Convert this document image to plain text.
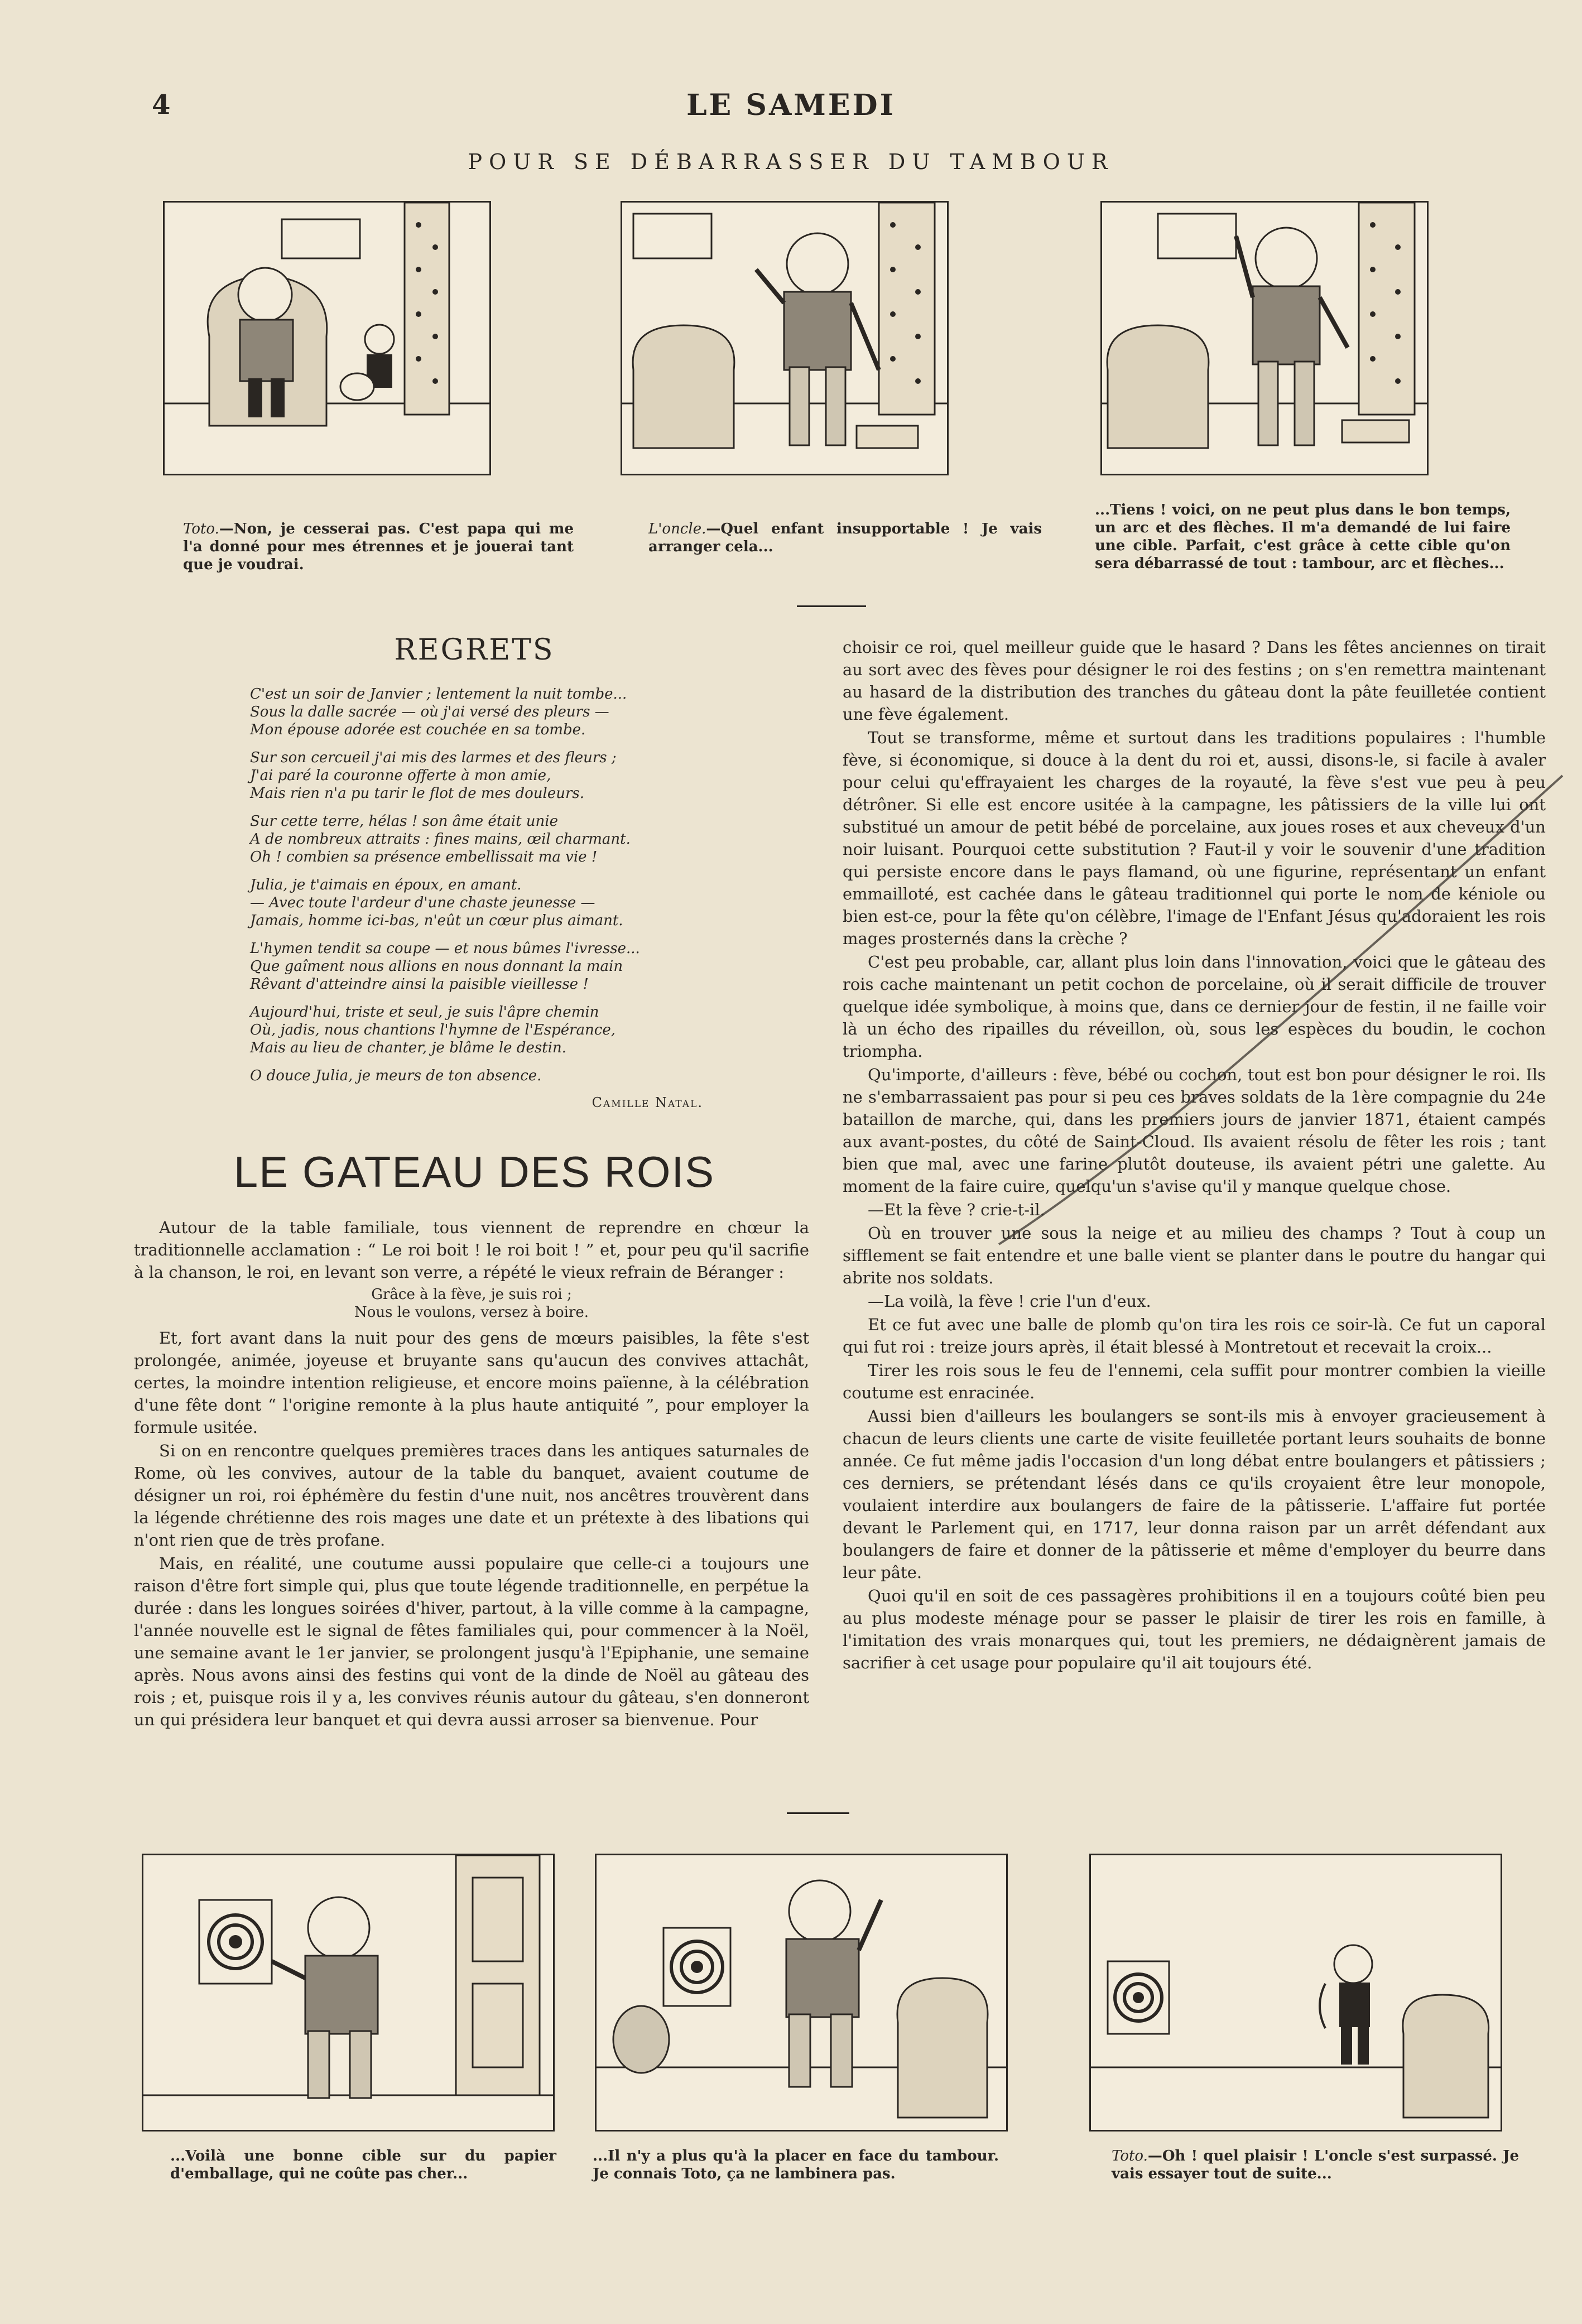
4	LE SAMEDI
POUR SE DÉBARRASSER DU TAMBOUR
Toto.—Non, je cesserai pas. C'est papa qui me l'a donné pour mes étrennes et je jouerai tant que je voudrai.
L'oncle.—Quel enfant insupportable ! Je vais arranger cela...
...Tiens ! voici, on ne peut plus dans le bon temps, un arc et des flèches. Il m'a demandé de lui faire une cible. Parfait, c'est grâce à cette cible qu'on sera débarrassé de tout : tambour, arc et flèches...
REGRETS
C'est un soir de Janvier ; lentement la nuit tombe...
Sous la dalle sacrée — où j'ai versé des pleurs —
Mon épouse adorée est couchée en sa tombe.
Sur son cercueil j'ai mis des larmes et des fleurs ;
J'ai paré la couronne offerte à mon amie,
Mais rien n'a pu tarir le flot de mes douleurs.
Sur cette terre, hélas ! son âme était unie
A de nombreux attraits : fines mains, œil charmant.
Oh ! combien sa présence embellissait ma vie !
Julia, je t'aimais en époux, en amant.
— Avec toute l'ardeur d'une chaste jeunesse —
Jamais, homme ici-bas, n'eût un cœur plus aimant.
L'hymen tendit sa coupe — et nous bûmes l'ivresse...
Que gaîment nous allions en nous donnant la main
Rêvant d'atteindre ainsi la paisible vieillesse !
Aujourd'hui, triste et seul, je suis l'âpre chemin
Où, jadis, nous chantions l'hymne de l'Espérance,
Mais au lieu de chanter, je blâme le destin.
O douce Julia, je meurs de ton absence.
Camille Natal.
LE GATEAU DES ROIS

Autour de la table familiale, tous viennent de reprendre en chœur la traditionnelle acclamation : “ Le roi boit ! le roi boit ! ” et, pour peu qu'il sacrifie à la chanson, le roi, en levant son verre, a répété le vieux refrain de Béranger :

Grâce à la fève, je suis roi ;
Nous le voulons, versez à boire.

Et, fort avant dans la nuit pour des gens de mœurs paisibles, la fête s'est prolongée, animée, joyeuse et bruyante sans qu'aucun des convives attachât, certes, la moindre intention religieuse, et encore moins païenne, à la célébration d'une fête dont “ l'origine remonte à la plus haute antiquité ”, pour employer la formule usitée.

Si on en rencontre quelques premières traces dans les antiques saturnales de Rome, où les convives, autour de la table du banquet, avaient coutume de désigner un roi, roi éphémère du festin d'une nuit, nos ancêtres trouvèrent dans la légende chrétienne des rois mages une date et un prétexte à des libations qui n'ont rien que de très profane.

Mais, en réalité, une coutume aussi populaire que celle-ci a toujours une raison d'être fort simple qui, plus que toute légende traditionnelle, en perpétue la durée : dans les longues soirées d'hiver, partout, à la ville comme à la campagne, l'année nouvelle est le signal de fêtes familiales qui, pour commencer à la Noël, une semaine avant le 1er janvier, se prolongent jusqu'à l'Epiphanie, une semaine après. Nous avons ainsi des festins qui vont de la dinde de Noël au gâteau des rois ; et, puisque rois il y a, les convives réunis autour du gâteau, s'en donneront un qui présidera leur banquet et qui devra aussi arroser sa bienvenue. Pour

choisir ce roi, quel meilleur guide que le hasard ? Dans les fêtes anciennes on tirait au sort avec des fèves pour désigner le roi des festins ; on s'en remettra maintenant au hasard de la distribution des tranches du gâteau dont la pâte feuilletée contient une fève également.

Tout se transforme, même et surtout dans les traditions populaires : l'humble fève, si économique, si douce à la dent du roi et, aussi, disons-le, si facile à avaler pour celui qu'effrayaient les charges de la royauté, la fève s'est vue peu à peu détrôner. Si elle est encore usitée à la campagne, les pâtissiers de la ville lui ont substitué un amour de petit bébé de porcelaine, aux joues roses et aux cheveux d'un noir luisant. Pourquoi cette substitution ? Faut-il y voir le souvenir d'une tradition qui persiste encore dans le pays flamand, où une figurine, représentant un enfant emmailloté, est cachée dans le gâteau traditionnel qui porte le nom de kéniole ou bien est-ce, pour la fête qu'on célèbre, l'image de l'Enfant Jésus qu'adoraient les rois mages prosternés dans la crèche ?

C'est peu probable, car, allant plus loin dans l'innovation, voici que le gâteau des rois cache maintenant un petit cochon de porcelaine, où il serait difficile de trouver quelque idée symbolique, à moins que, dans ce dernier jour de festin, il ne faille voir là un écho des ripailles du réveillon, où, sous les espèces du boudin, le cochon triompha.

Qu'importe, d'ailleurs : fève, bébé ou cochon, tout est bon pour désigner le roi. Ils ne s'embarrassaient pas pour si peu ces braves soldats de la 1ère compagnie du 24e bataillon de marche, qui, dans les premiers jours de janvier 1871, étaient campés aux avant-postes, du côté de Saint-Cloud. Ils avaient résolu de fêter les rois ; tant bien que mal, avec une farine plutôt douteuse, ils avaient pétri une galette. Au moment de la faire cuire, quelqu'un s'avise qu'il y manque quelque chose.

—Et la fève ? crie-t-il.

Où en trouver une sous la neige et au milieu des champs ? Tout à coup un sifflement se fait entendre et une balle vient se planter dans le poutre du hangar qui abrite nos soldats.

—La voilà, la fève ! crie l'un d'eux.

Et ce fut avec une balle de plomb qu'on tira les rois ce soir-là. Ce fut un caporal qui fut roi : treize jours après, il était blessé à Montretout et recevait la croix...

Tirer les rois sous le feu de l'ennemi, cela suffit pour montrer combien la vieille coutume est enracinée.

Aussi bien d'ailleurs les boulangers se sont-ils mis à envoyer gracieusement à chacun de leurs clients une carte de visite feuilletée portant leurs souhaits de bonne année. Ce fut même jadis l'occasion d'un long débat entre boulangers et pâtissiers ; ces derniers, se prétendant lésés dans ce qu'ils croyaient être leur monopole, voulaient interdire aux boulangers de faire de la pâtisserie. L'affaire fut portée devant le Parlement qui, en 1717, leur donna raison par un arrêt défendant aux boulangers de faire et donner de la pâtisserie et même d'employer du beurre dans leur pâte.

Quoi qu'il en soit de ces passagères prohibitions il en a toujours coûté bien peu au plus modeste ménage pour se passer le plaisir de tirer les rois en famille, à l'imitation des vrais monarques qui, tout les premiers, ne dédaignèrent jamais de sacrifier à cet usage pour populaire qu'il ait toujours été.

...Voilà une bonne cible sur du papier d'emballage, qui ne coûte pas cher...
...Il n'y a plus qu'à la placer en face du tambour. Je connais Toto, ça ne lambinera pas.
Toto.—Oh ! quel plaisir ! L'oncle s'est surpassé. Je vais essayer tout de suite...
